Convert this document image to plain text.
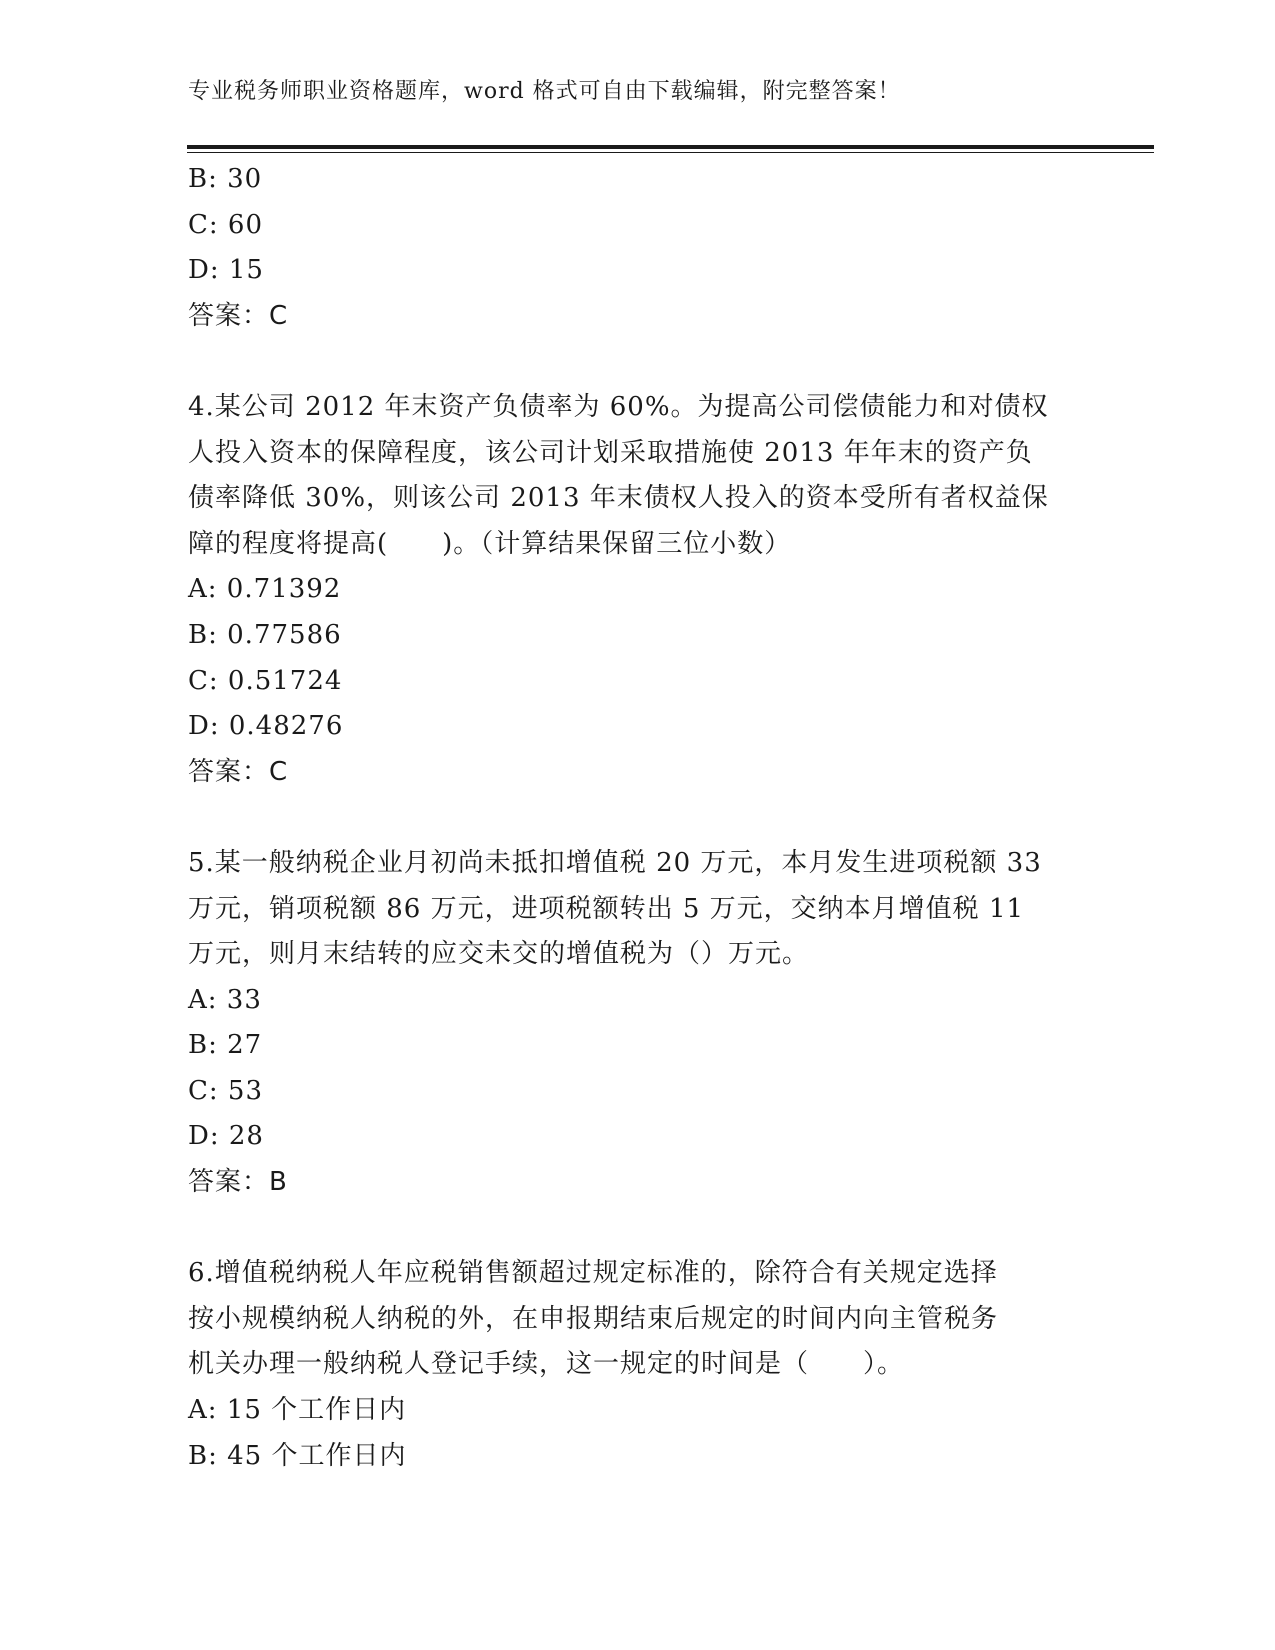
专业税务师职业资格题库，word 格式可自由下载编辑，附完整答案！
B: 30
C: 60
D: 15
答案：C
4.某公司 2012 年末资产负债率为 60%。为提高公司偿债能力和对债权
人投入资本的保障程度，该公司计划采取措施使 2013 年年末的资产负
债率降低 30%，则该公司 2013 年末债权人投入的资本受所有者权益保
障的程度将提高(　　)。（计算结果保留三位小数）
A: 0.71392
B: 0.77586
C: 0.51724
D: 0.48276
答案：C
5.某一般纳税企业月初尚未抵扣增值税 20 万元，本月发生进项税额 33
万元，销项税额 86 万元，进项税额转出 5 万元，交纳本月增值税 11
万元，则月末结转的应交未交的增值税为（）万元。
A: 33
B: 27
C: 53
D: 28
答案：B
6.增值税纳税人年应税销售额超过规定标准的，除符合有关规定选择
按小规模纳税人纳税的外，在申报期结束后规定的时间内向主管税务
机关办理一般纳税人登记手续，这一规定的时间是（　　）。
A: 15 个工作日内
B: 45 个工作日内
